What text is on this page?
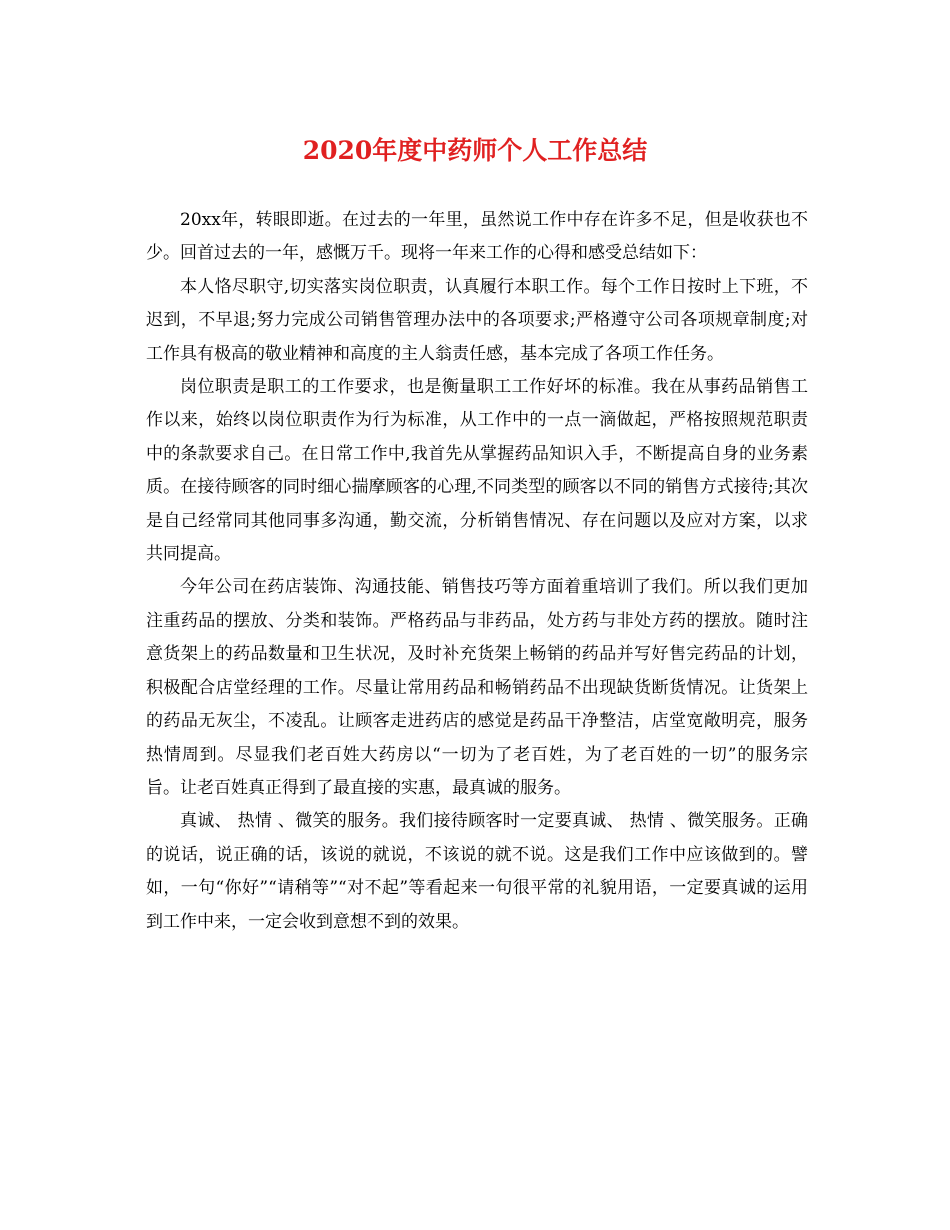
2020年度中药师个人工作总结

20xx年，转眼即逝。在过去的一年里，虽然说工作中存在许多不足，但是收获也不少。回首过去的一年，感慨万千。现将一年来工作的心得和感受总结如下：

本人恪尽职守,切实落实岗位职责，认真履行本职工作。每个工作日按时上下班，不迟到，不早退;努力完成公司销售管理办法中的各项要求;严格遵守公司各项规章制度;对工作具有极高的敬业精神和高度的主人翁责任感，基本完成了各项工作任务。

岗位职责是职工的工作要求，也是衡量职工工作好坏的标准。我在从事药品销售工作以来，始终以岗位职责作为行为标准，从工作中的一点一滴做起，严格按照规范职责中的条款要求自己。在日常工作中,我首先从掌握药品知识入手，不断提高自身的业务素质。在接待顾客的同时细心揣摩顾客的心理,不同类型的顾客以不同的销售方式接待;其次是自己经常同其他同事多沟通，勤交流，分析销售情况、存在问题以及应对方案，以求共同提高。

今年公司在药店装饰、沟通技能、销售技巧等方面着重培训了我们。所以我们更加注重药品的摆放、分类和装饰。严格药品与非药品，处方药与非处方药的摆放。随时注意货架上的药品数量和卫生状况，及时补充货架上畅销的药品并写好售完药品的计划，积极配合店堂经理的工作。尽量让常用药品和畅销药品不出现缺货断货情况。让货架上的药品无灰尘，不凌乱。让顾客走进药店的感觉是药品干净整洁，店堂宽敞明亮，服务热情周到。尽显我们老百姓大药房以“一切为了老百姓，为了老百姓的一切”的服务宗旨。让老百姓真正得到了最直接的实惠，最真诚的服务。

真诚、 热情 、微笑的服务。我们接待顾客时一定要真诚、 热情 、微笑服务。正确的说话，说正确的话，该说的就说，不该说的就不说。这是我们工作中应该做到的。譬如，一句“你好”“请稍等”“对不起”等看起来一句很平常的礼貌用语，一定要真诚的运用到工作中来，一定会收到意想不到的效果。
